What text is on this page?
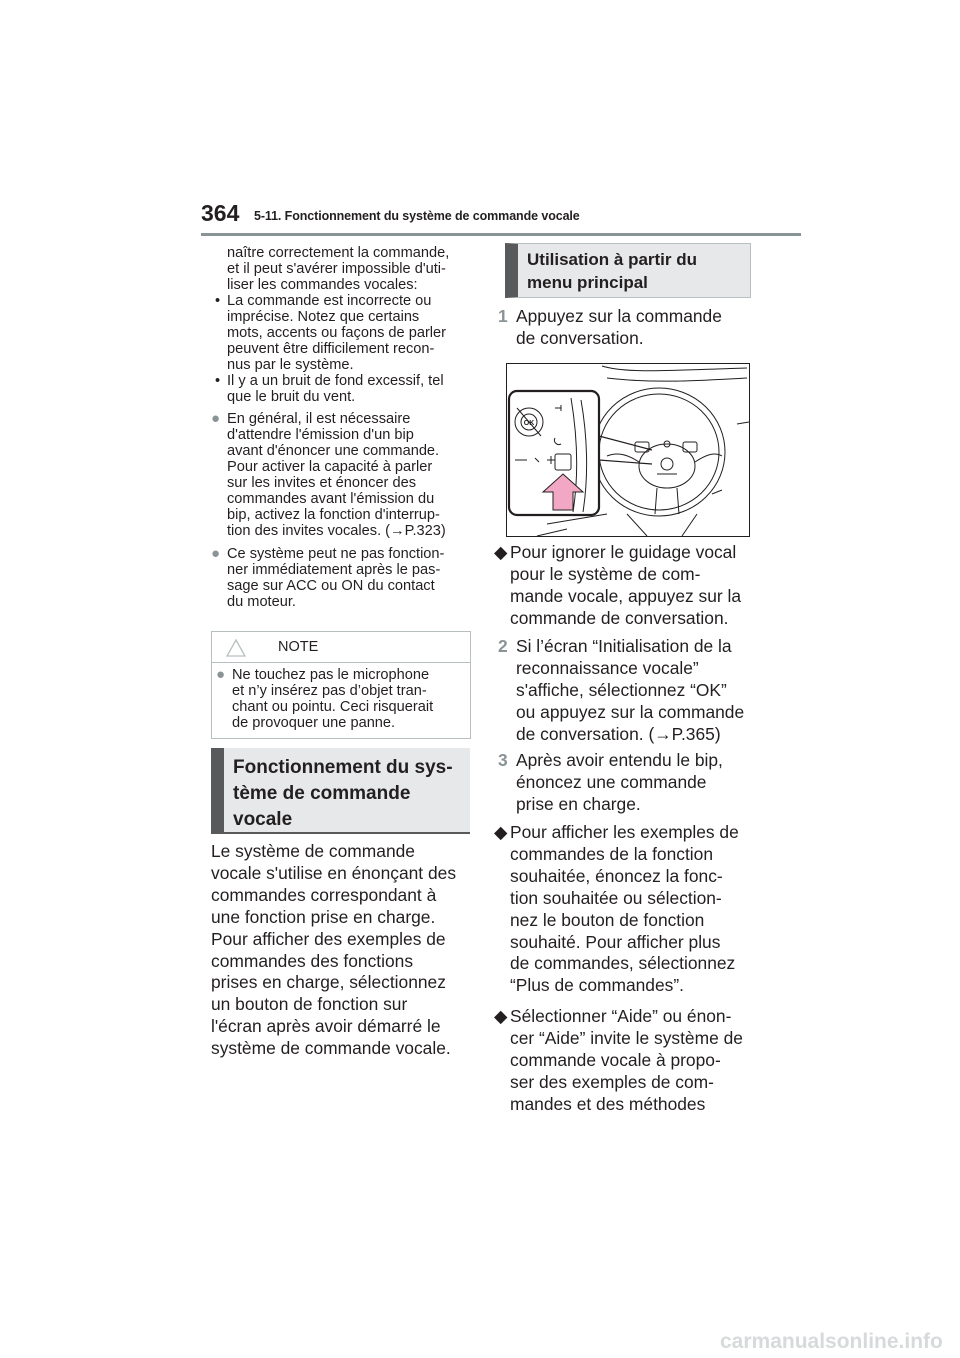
364 5-11. Fonctionnement du système de commande vocale
naître correctement la commande,
et il peut s'avérer impossible d'uti-
liser les commandes vocales:
• La commande est incorrecte ou
imprécise. Notez que certains
mots, accents ou façons de parler
peuvent être difficilement recon-
nus par le système.
• Il y a un bruit de fond excessif, tel
que le bruit du vent.
● En général, il est nécessaire
d'attendre l'émission d'un bip
avant d'énoncer une commande.
Pour activer la capacité à parler
sur les invites et énoncer des
commandes avant l'émission du
bip, activez la fonction d'interrup-
tion des invites vocales. (→P.323)
● Ce système peut ne pas fonction-
ner immédiatement après le pas-
sage sur ACC ou ON du contact
du moteur.
NOTE
● Ne touchez pas le microphone
et n’y insérez pas d’objet tran-
chant ou pointu. Ceci risquerait
de provoquer une panne.
Fonctionnement du sys-
tème de commande
vocale
Le système de commande
vocale s'utilise en énonçant des
commandes correspondant à
une fonction prise en charge.
Pour afficher des exemples de
commandes des fonctions
prises en charge, sélectionnez
un bouton de fonction sur
l'écran après avoir démarré le
système de commande vocale.
Utilisation à partir du
menu principal
1 Appuyez sur la commande
de conversation.
OK
◆ Pour ignorer le guidage vocal
pour le système de com-
mande vocale, appuyez sur la
commande de conversation.
2 Si l’écran “Initialisation de la
reconnaissance vocale”
s'affiche, sélectionnez “OK”
ou appuyez sur la commande
de conversation. (→P.365)
3 Après avoir entendu le bip,
énoncez une commande
prise en charge.
◆ Pour afficher les exemples de
commandes de la fonction
souhaitée, énoncez la fonc-
tion souhaitée ou sélection-
nez le bouton de fonction
souhaité. Pour afficher plus
de commandes, sélectionnez
“Plus de commandes”.
◆ Sélectionner “Aide” ou énon-
cer “Aide” invite le système de
commande vocale à propo-
ser des exemples de com-
mandes et des méthodes
carmanualsonline.info
